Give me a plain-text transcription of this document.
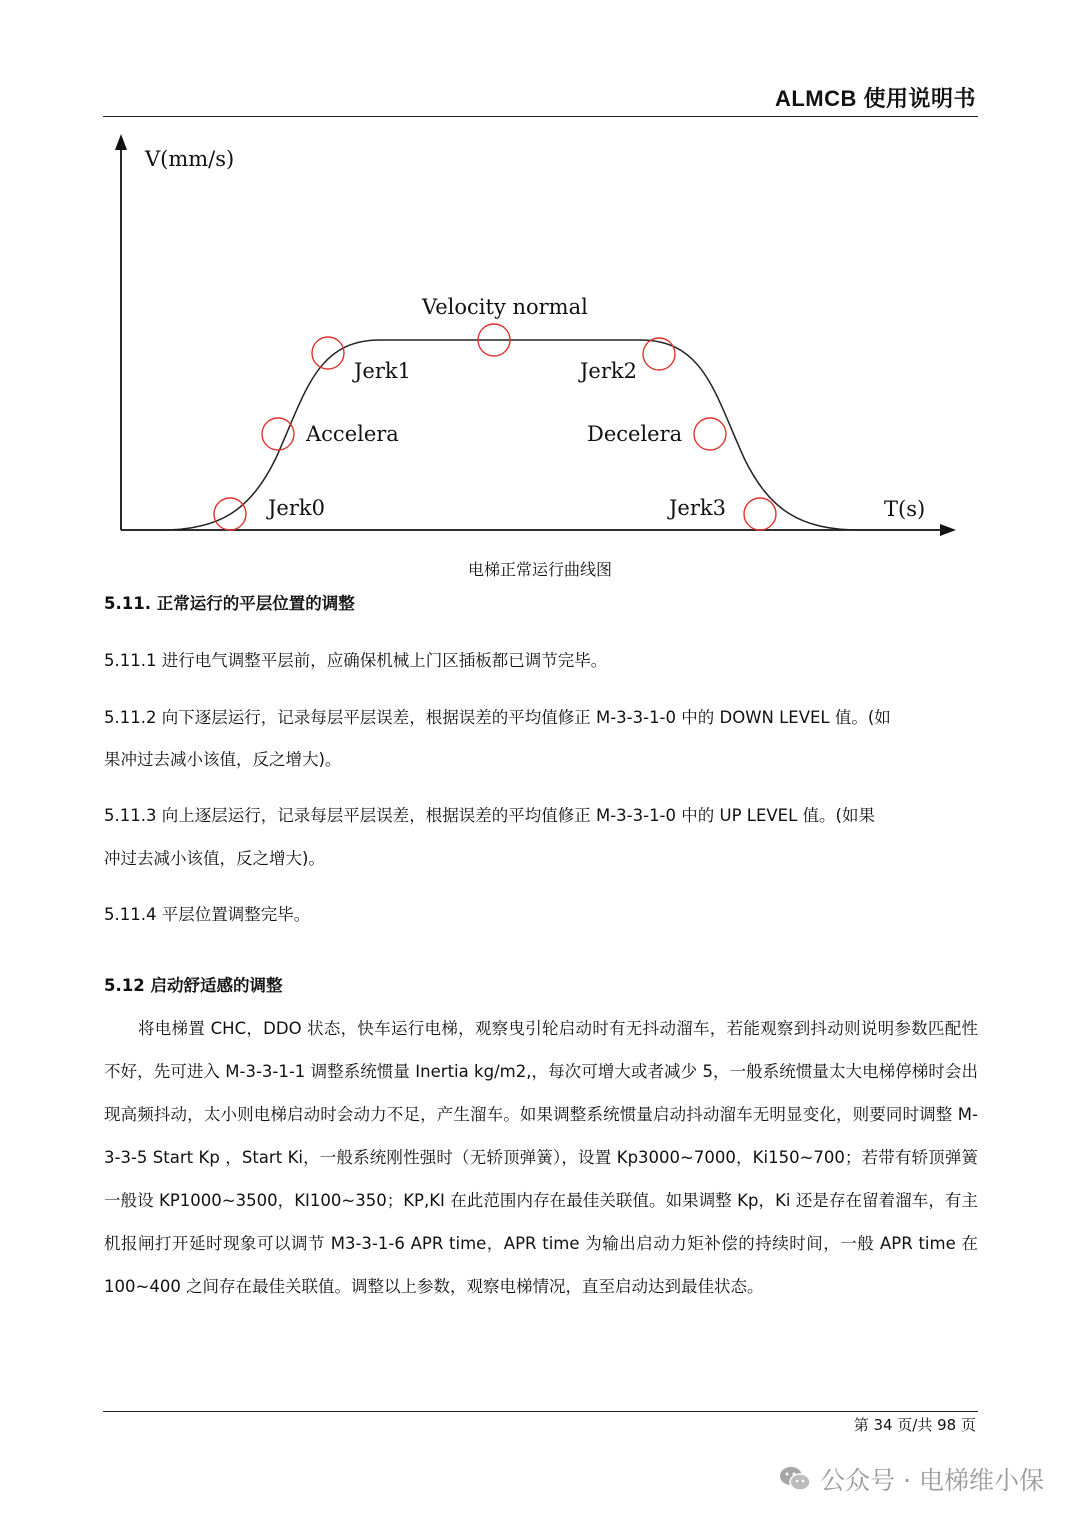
ALMCB 使用说明书
V(mm/s)
T(s)
Velocity normal
Jerk1	Jerk2
Accelera	Decelera
Jerk0	Jerk3
电梯正常运行曲线图
5.11. 正常运行的平层位置的调整
5.11.1 进行电气调整平层前，应确保机械上门区插板都已调节完毕。
5.11.2 向下逐层运行，记录每层平层误差，根据误差的平均值修正 M-3-3-1-0 中的 DOWN LEVEL 值。(如
果冲过去减小该值，反之增大)。
5.11.3 向上逐层运行，记录每层平层误差，根据误差的平均值修正 M-3-3-1-0 中的 UP LEVEL 值。(如果
冲过去减小该值，反之增大)。
5.11.4 平层位置调整完毕。
5.12 启动舒适感的调整
将电梯置 CHC，DDO 状态，快车运行电梯，观察曳引轮启动时有无抖动溜车，若能观察到抖动则说明参数匹配性不好，先可进入 M-3-3-1-1 调整系统惯量 Inertia kg/m2,，每次可增大或者减少 5，一般系统惯量太大电梯停梯时会出现高频抖动，太小则电梯启动时会动力不足，产生溜车。如果调整系统惯量启动抖动溜车无明显变化，则要同时调整 M-3-3-5 Start Kp ，Start Ki，一般系统刚性强时（无轿顶弹簧），设置 Kp3000~7000，Ki150~700；若带有轿顶弹簧一般设 KP1000~3500，KI100~350；KP,KI 在此范围内存在最佳关联值。如果调整 Kp，Ki 还是存在留着溜车，有主机报闸打开延时现象可以调节 M3-3-1-6 APR time，APR time 为输出启动力矩补偿的持续时间，一般 APR time 在 100~400 之间存在最佳关联值。调整以上参数，观察电梯情况，直至启动达到最佳状态。
第 34 页/共 98 页
公众号 · 电梯维小保
